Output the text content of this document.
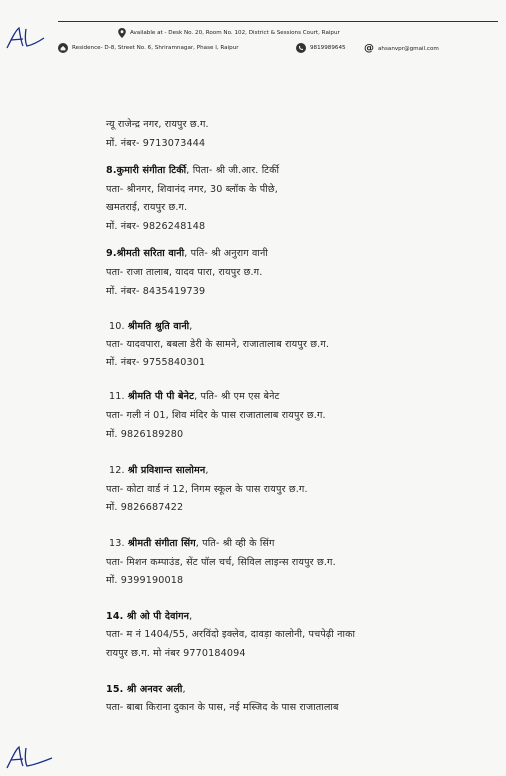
Available at - Desk No. 20, Room No. 102, District & Sessions Court, Raipur
Residence- D-8, Street No. 6, Shriramnagar, Phase I, Raipur	9819989645 @ ahsanvpr@gmail.com
न्यू राजेन्द्र नगर, रायपुर छ.ग.
मों. नंबर- 9713073444
8.कुमारी संगीता टिर्की, पिता- श्री जी.आर. टिर्की
पता- श्रीनगर, शिवानंद नगर, 30 ब्लॉक के पीछे,
खमतराई, रायपुर छ.ग.
मों. नंबर- 9826248148
9.श्रीमती सरिता वानी, पति- श्री अनुराग वानी
पता- राजा तालाब, यादव पारा, रायपुर छ.ग.
मों. नंबर- 8435419739
10. श्रीमति श्रुति वानी,
पता- यादवपारा, बबला डेरी के सामने, राजातालाब रायपुर छ.ग.
मों. नंबर- 9755840301
11. श्रीमति पी पी बेनेट, पति- श्री एम एस बेनेट
पता- गली नं 01, शिव मंदिर के पास राजातालाब रायपुर छ.ग.
मों. 9826189280
12. श्री प्रविशान्त सालोमन,
पता- कोटा वार्ड नं 12, निगम स्कूल के पास रायपुर छ.ग.
मों. 9826687422
13. श्रीमती संगीता सिंग, पति- श्री व्ही के सिंग
पता- मिशन कम्पाउंड, सेंट पॉल चर्च, सिविल लाइन्स रायपुर छ.ग.
मों. 9399190018
14. श्री ओ पी देवांगन,
पता- म नं 1404/55, अरविंदो इक्लेव, दावड़ा कालोनी, पचपेढ़ी नाका
रायपुर छ.ग. मो नंबर 9770184094
15. श्री अनवर अली,
पता- बाबा किराना दुकान के पास, नई मस्जिद के पास राजातालाब
